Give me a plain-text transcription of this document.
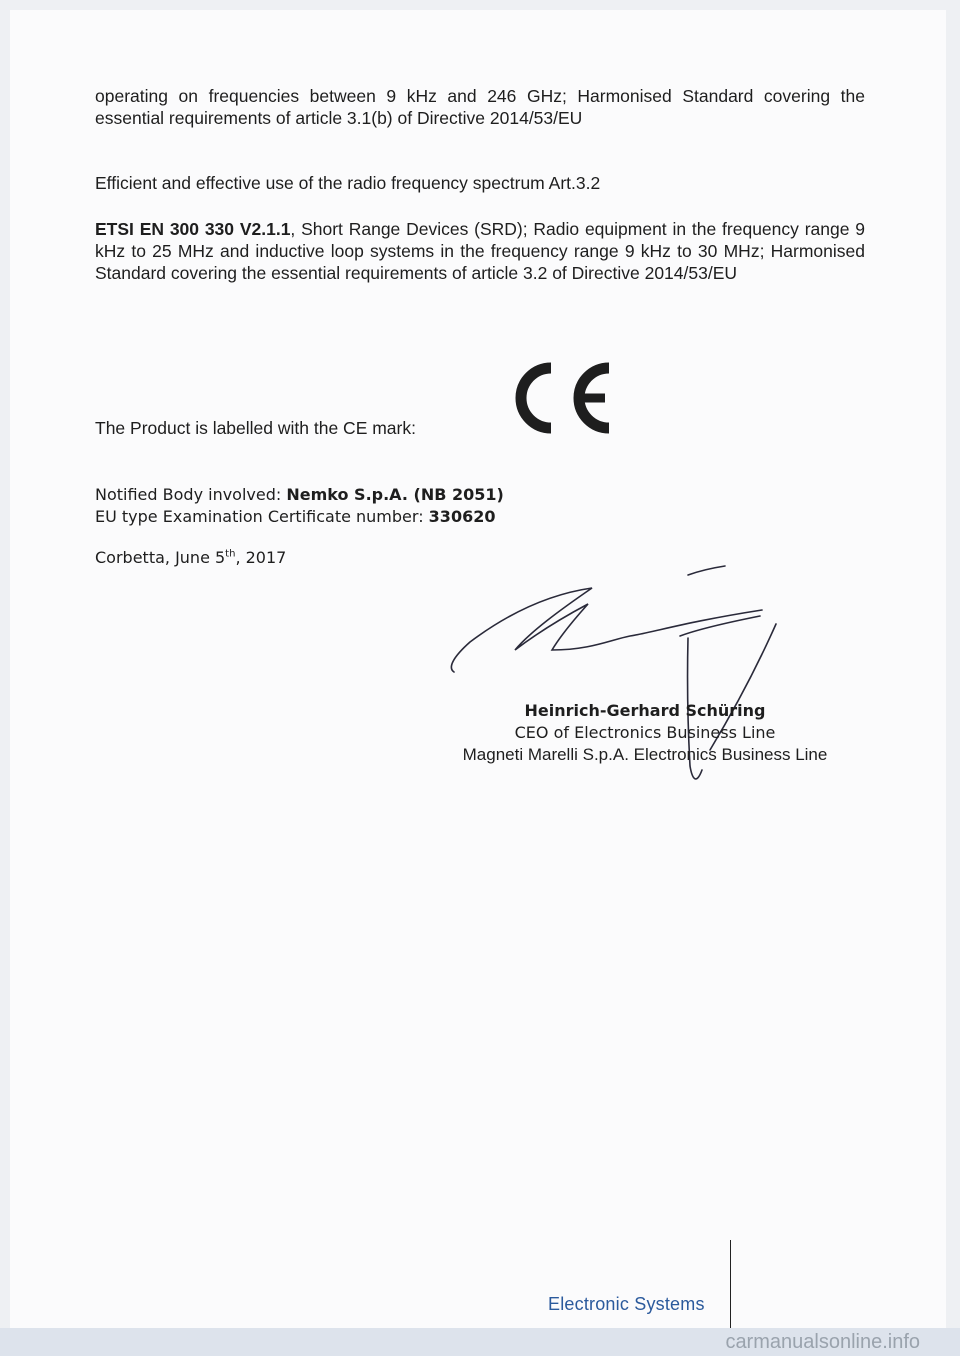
operating on frequencies between 9 kHz and 246 GHz; Harmonised Standard covering the essential requirements of article 3.1(b) of Directive 2014/53/EU
Efficient and effective use of the radio frequency spectrum Art.3.2
ETSI EN 300 330 V2.1.1, Short Range Devices (SRD); Radio equipment in the frequency range 9 kHz to 25 MHz and inductive loop systems in the frequency range 9 kHz to 30 MHz; Harmonised Standard covering the essential requirements of article 3.2 of Directive 2014/53/EU
The Product is labelled with the CE mark:
Notified Body involved: Nemko S.p.A. (NB 2051)
EU type Examination Certificate number: 330620
Corbetta, June 5th, 2017
Heinrich-Gerhard Schüring
CEO of Electronics Business Line
Magneti Marelli S.p.A. Electronics Business Line
Electronic Systems
carmanualsonline.info
